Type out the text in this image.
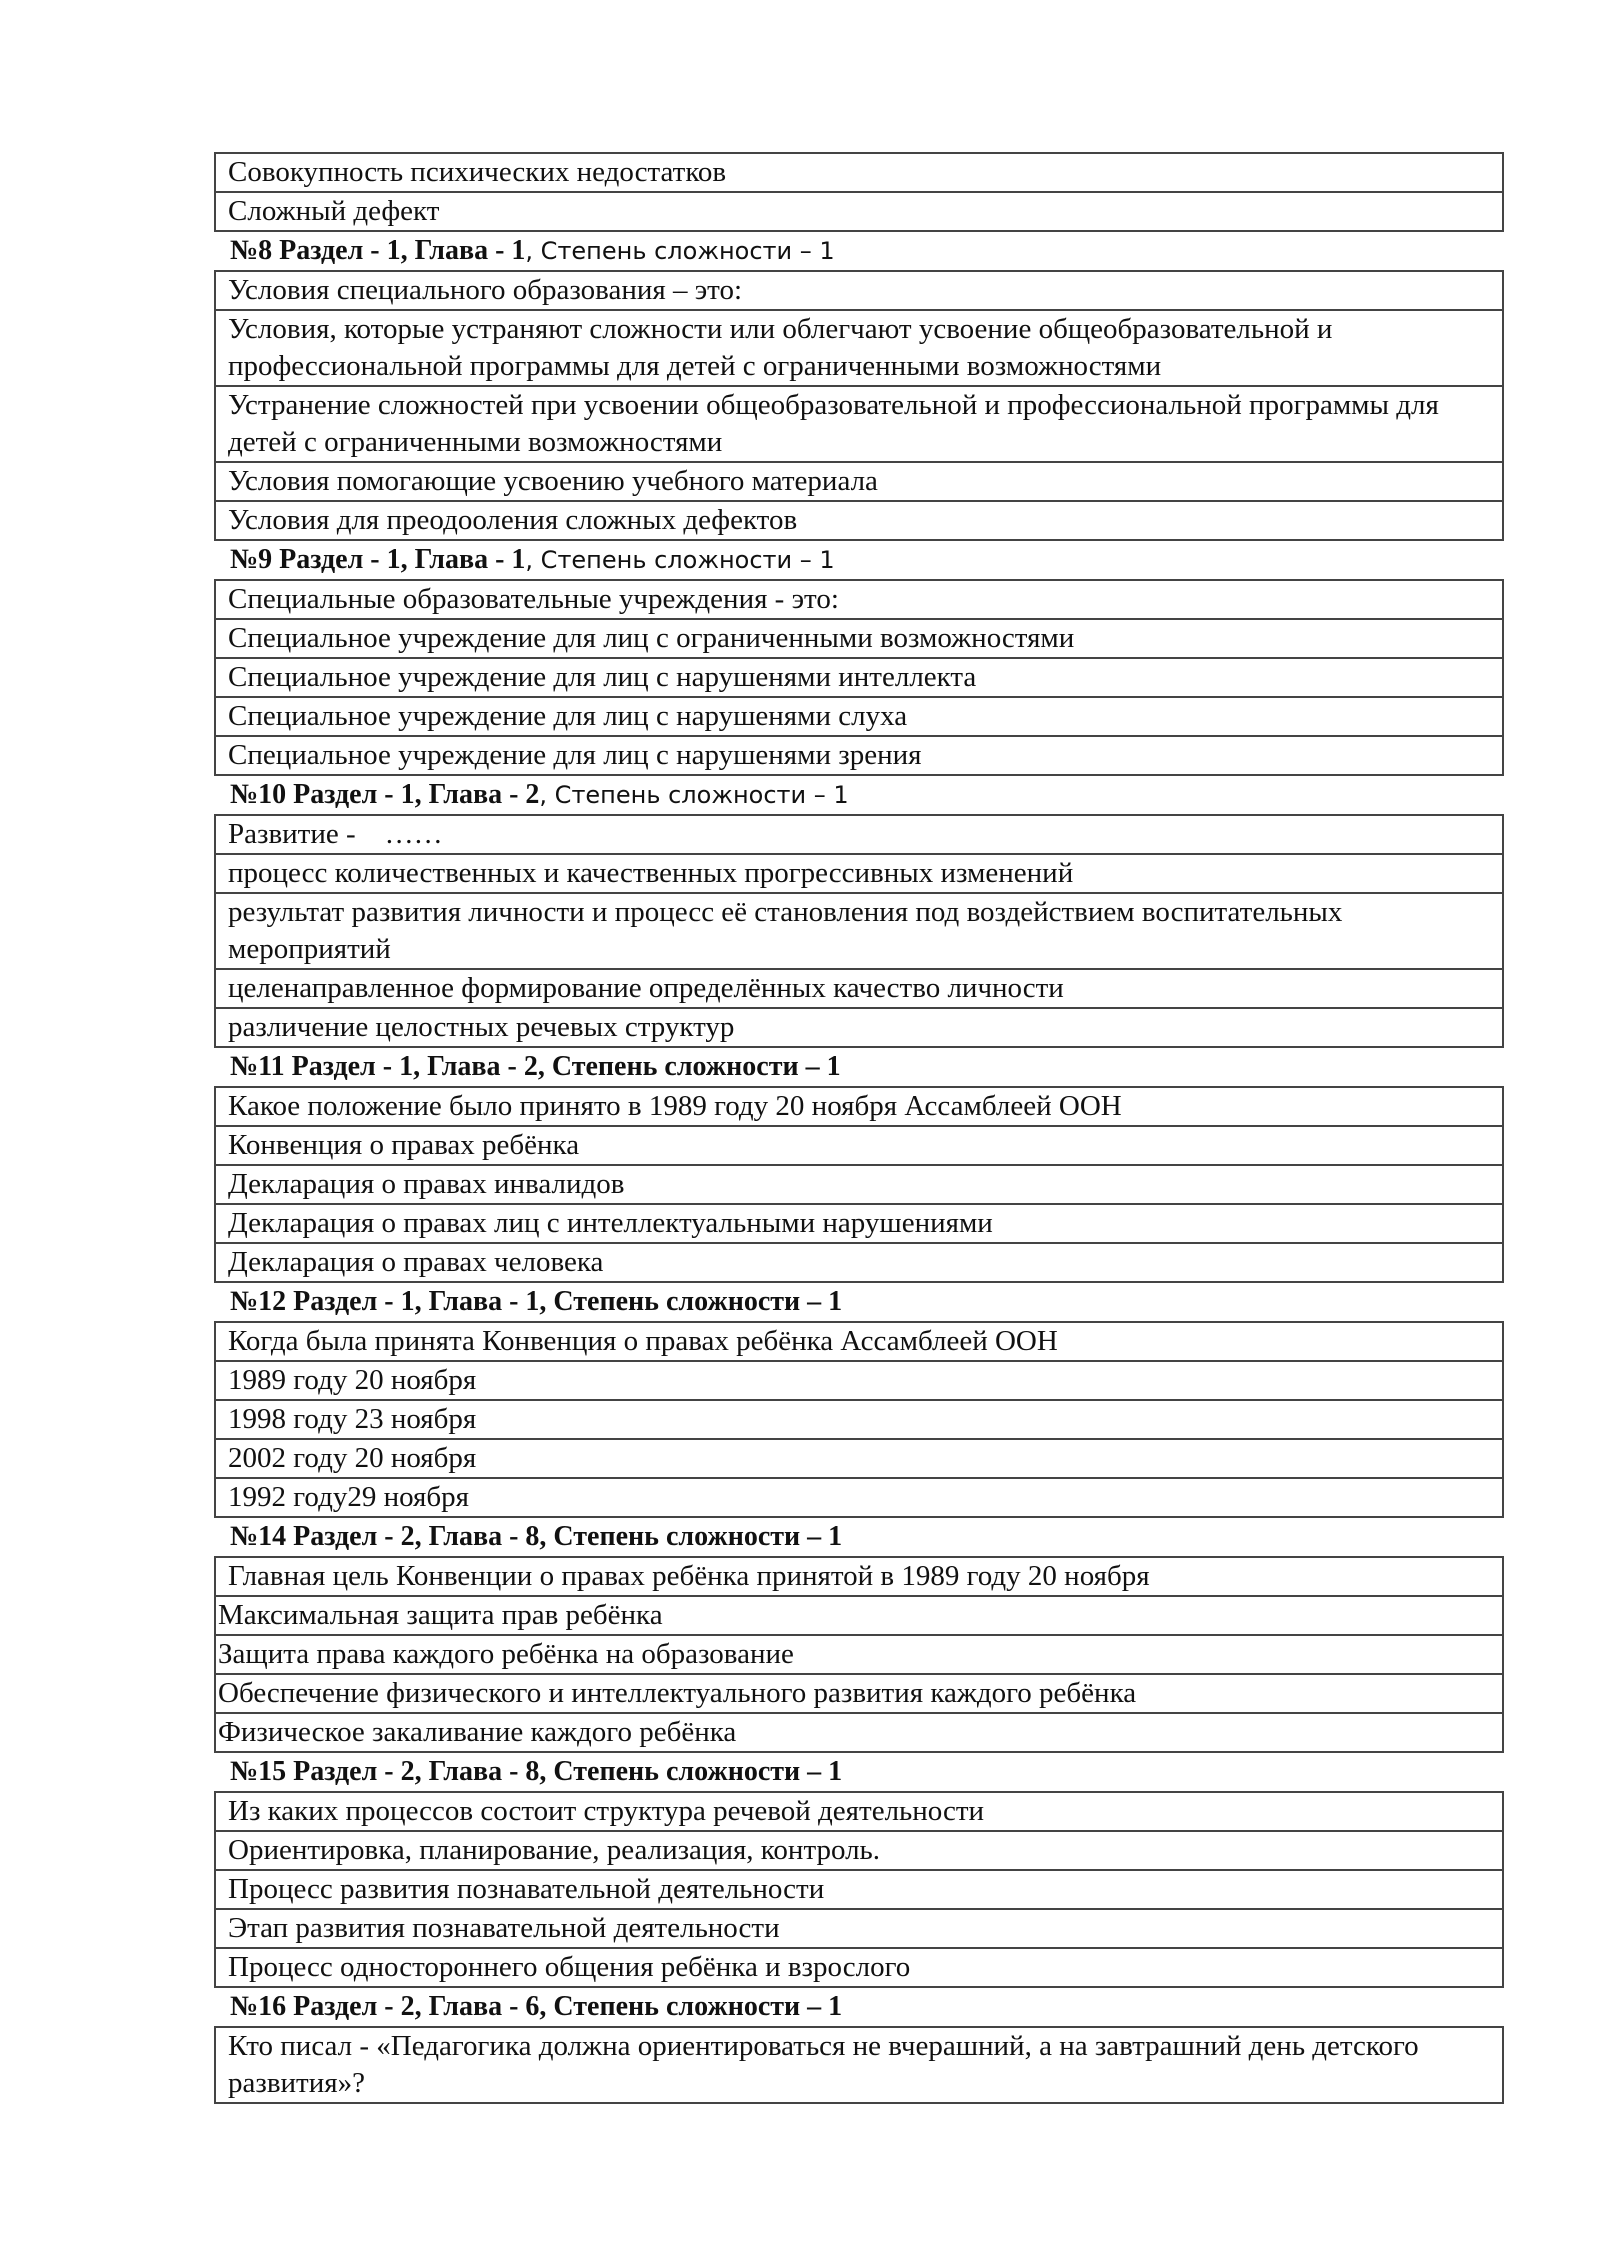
Совокупность психических недостатков
Сложный дефект
№8 Раздел - 1, Глава - 1, Степень сложности – 1
Условия специального образования – это:
Условия, которые устраняют сложности или облегчают усвоение общеобразовательной и профессиональной программы для детей с ограниченными возможностями
Устранение сложностей при усвоении общеобразовательной и профессиональной программы для детей с ограниченными возможностями
Условия помогающие усвоению учебного материала
Условия для преодооления сложных дефектов
№9 Раздел - 1, Глава - 1, Степень сложности – 1
Специальные образовательные учреждения - это:
Специальное учреждение для лиц с ограниченными возможностями
Специальное учреждение для лиц с нарушенями интеллекта
Специальное учреждение для лиц с нарушенями слуха
Специальное учреждение для лиц с нарушенями зрения
№10 Раздел - 1, Глава - 2, Степень сложности – 1
Развитие -    ……
процесс количественных и качественных прогрессивных изменений
результат развития личности и процесс её становления под воздействием воспитательных мероприятий
целенаправленное формирование определённых качество личности
различение целостных речевых структур
№11 Раздел - 1, Глава - 2, Степень сложности – 1
Какое положение было принято в 1989 году 20 ноября Ассамблеей ООН
Конвенция о правах ребёнка
Декларация о правах инвалидов
Декларация о правах лиц с интеллектуальными нарушениями
Декларация о правах человека
№12 Раздел - 1, Глава - 1, Степень сложности – 1
Когда была принята Конвенция о правах ребёнка Ассамблеей ООН
1989 году 20 ноября
1998 году 23 ноября
2002 году 20 ноября
1992 году29 ноября
№14 Раздел - 2, Глава - 8, Степень сложности – 1
Главная цель Конвенции о правах ребёнка принятой в 1989 году 20 ноября
Максимальная защита прав ребёнка
Защита права каждого ребёнка на образование
Обеспечение физического и интеллектуального развития каждого ребёнка
Физическое закаливание каждого ребёнка
№15 Раздел - 2, Глава - 8, Степень сложности – 1
Из каких процессов состоит структура речевой деятельности
Ориентировка, планирование, реализация, контроль.
Процесс развития познавательной деятельности
Этап развития познавательной деятельности
Процесс одностороннего общения ребёнка и взрослого
№16 Раздел - 2, Глава - 6, Степень сложности – 1
Кто писал - «Педагогика должна ориентироваться не вчерашний, а на завтрашний день детского развития»?
